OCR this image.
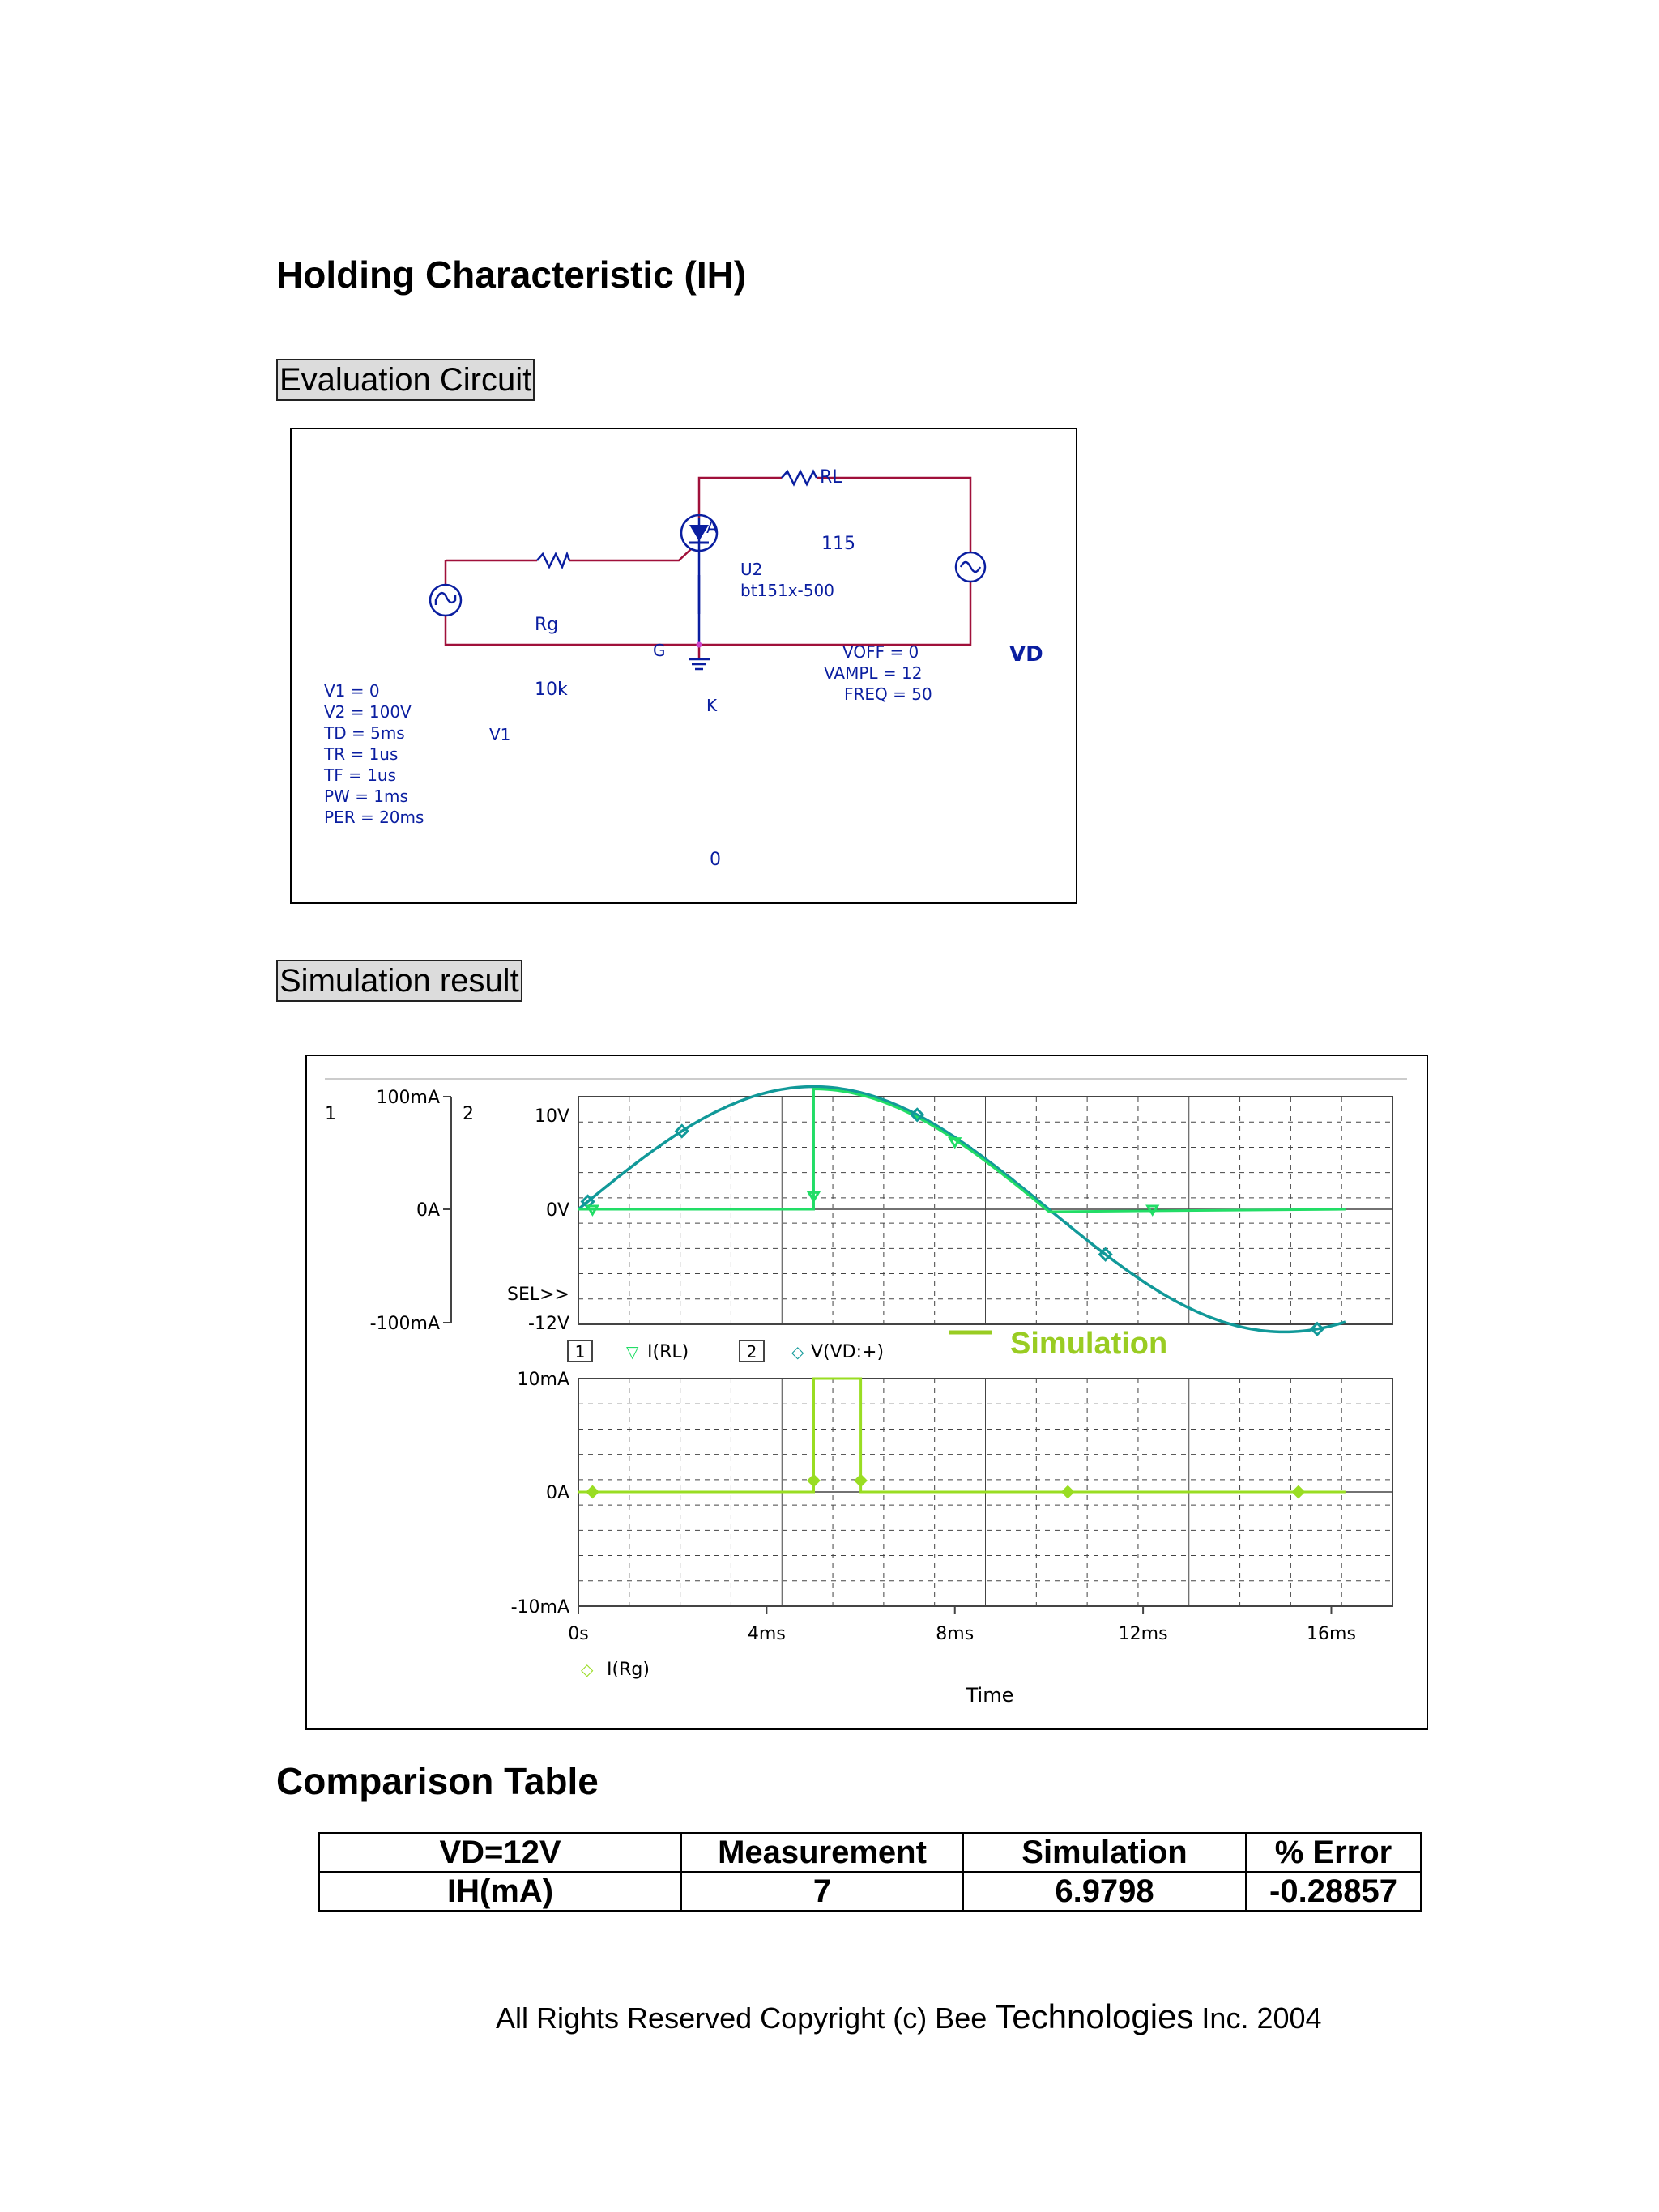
Holding Characteristic (IH)
Evaluation Circuit
RL
115
A
U2
bt151x-500
G
K
Rg
10k
VD
VOFF = 0
VAMPL = 12
FREQ = 50
V1
V1 = 0
V2 = 100V
TD = 5ms
TR = 1us
TF = 1us
PW = 1ms
PER = 20ms
0
Simulation result
1	2
100mA
0A
-100mA
10V
0V
-12V
SEL>>
10mA
0A
-10mA
1	▽ I(RL)	2 ◇ V(VD:+)	Simulation
◇ I(Rg)
Time
0s	4ms	8ms	12ms	16ms
Comparison Table
VD=12V	Measurement	Simulation	% Error
IH(mA)	7	6.9798	-0.28857
All Rights Reserved Copyright (c) Bee Technologies Inc. 2004
